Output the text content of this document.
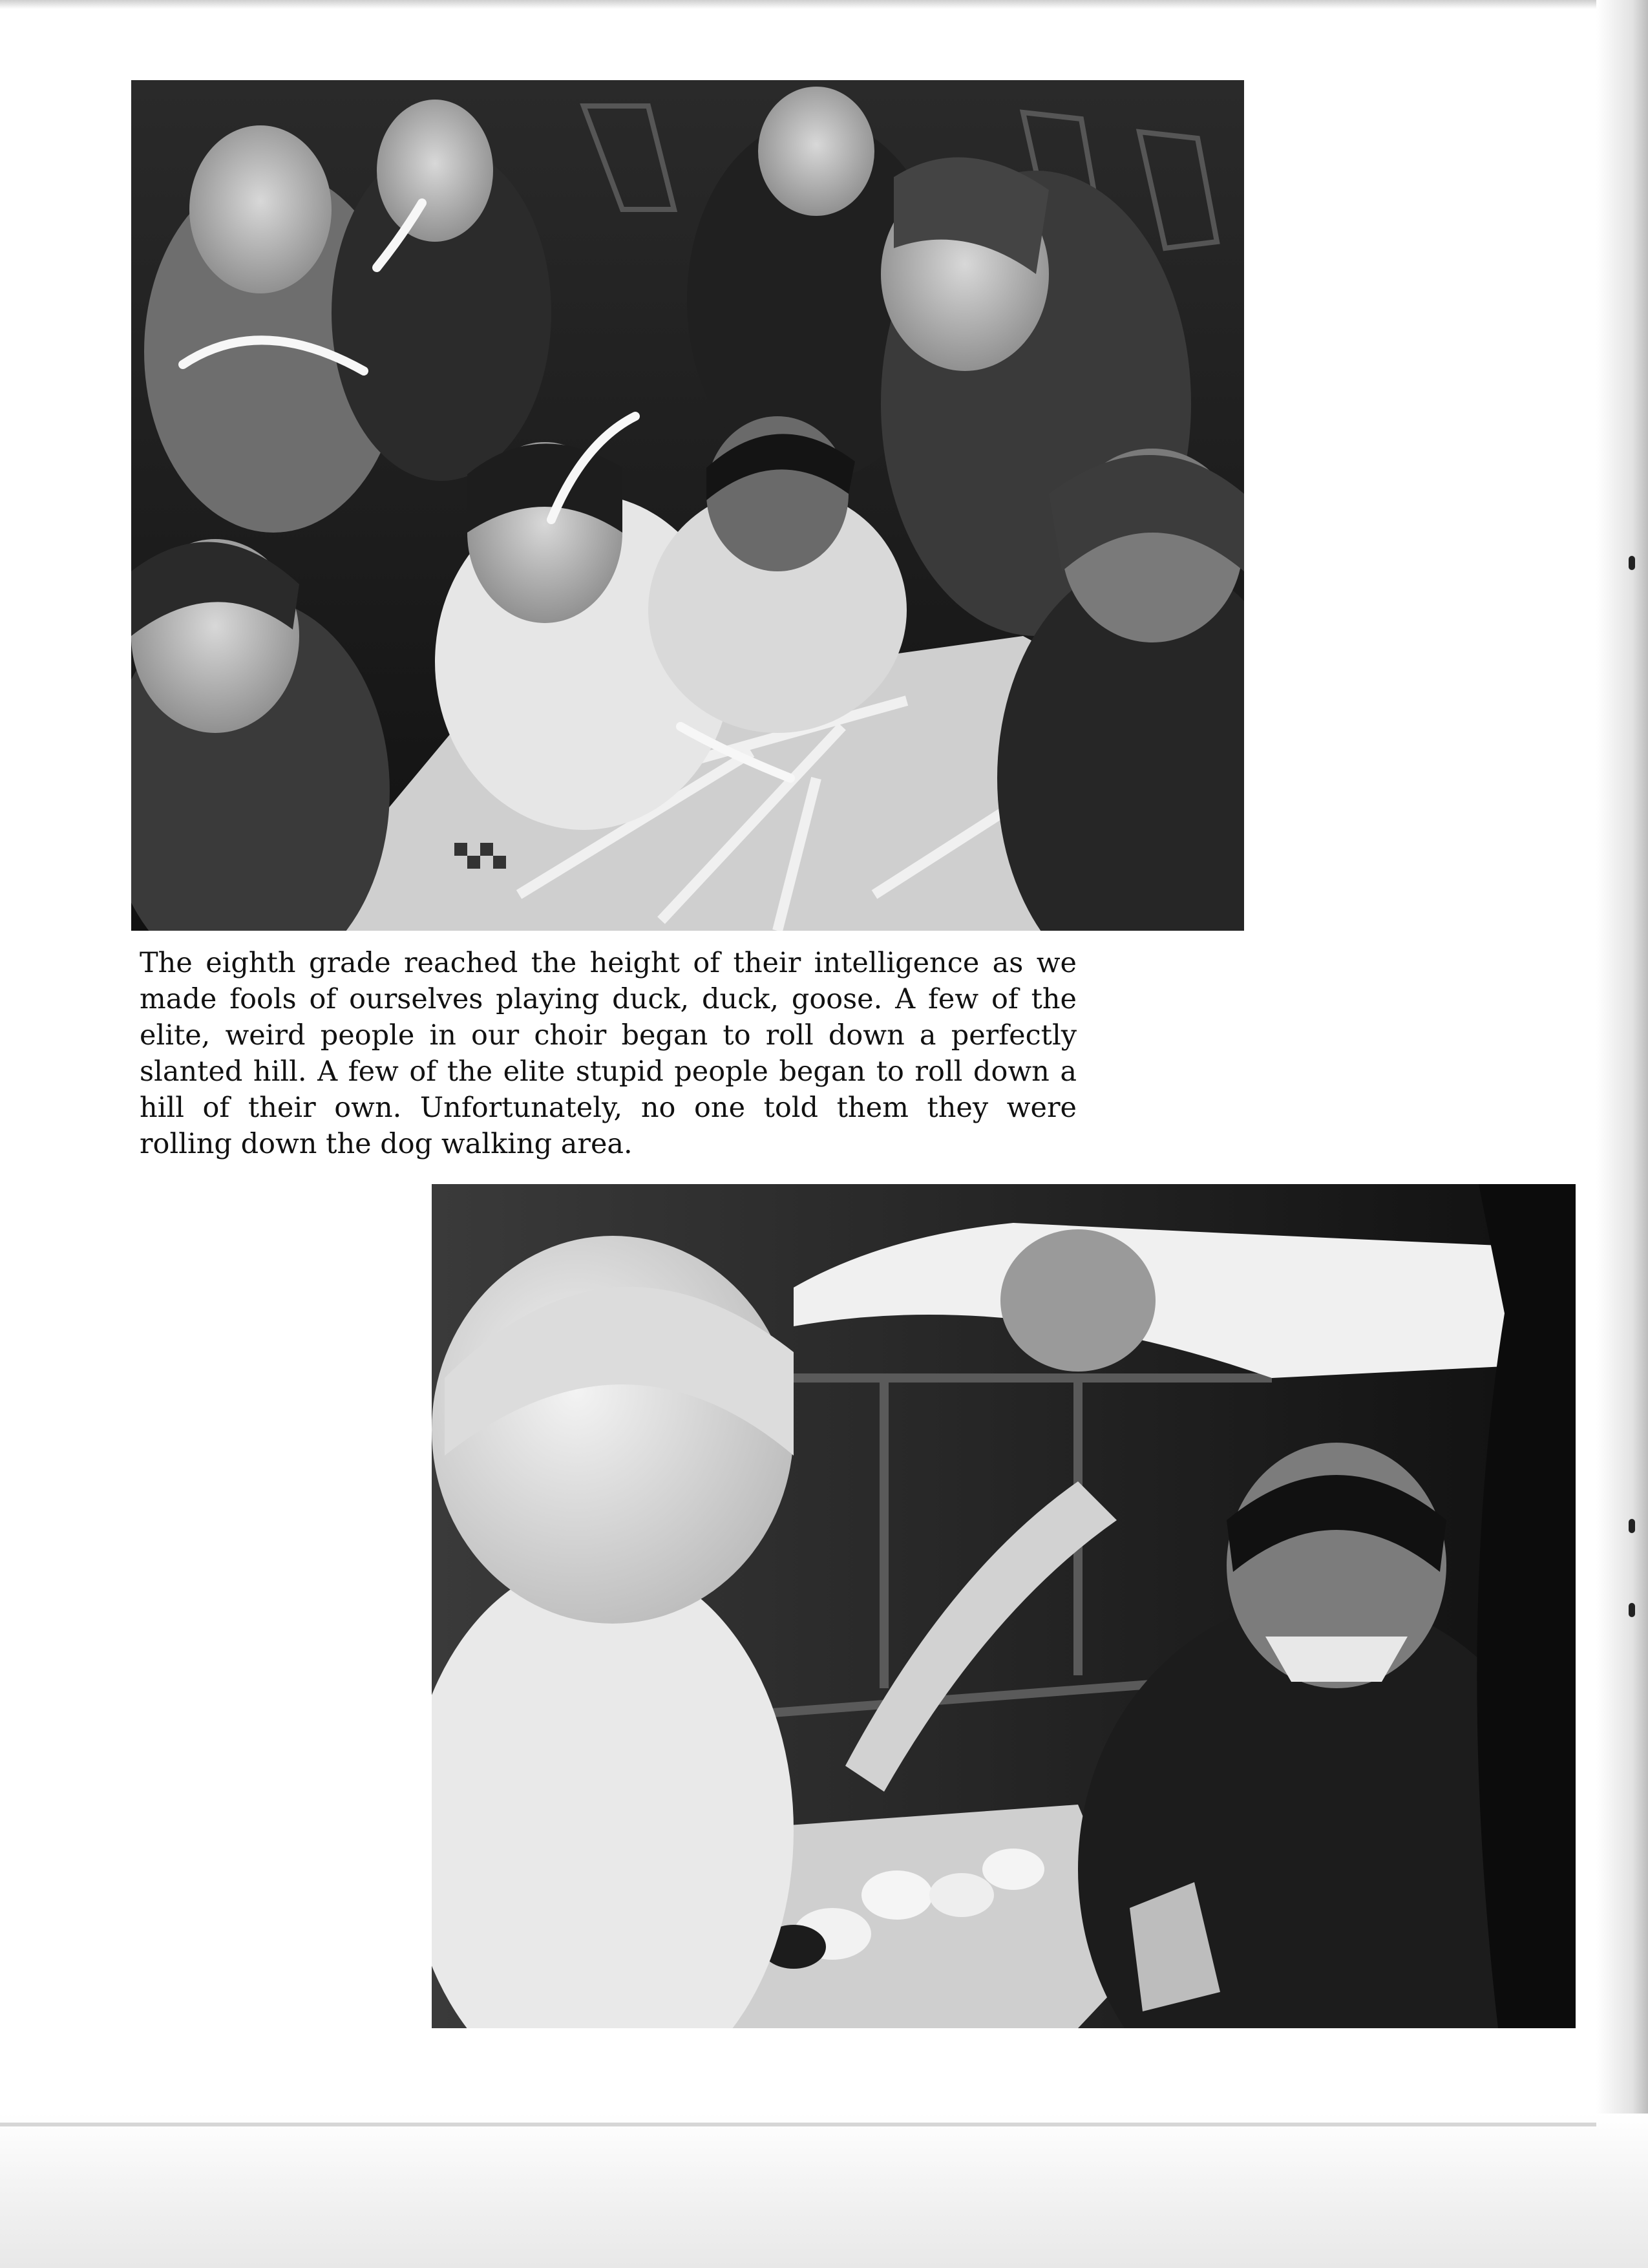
The eighth grade reached the height of their intelligence as we made fools of ourselves playing duck, duck, goose. A few of the elite, weird people in our choir began to roll down a perfectly slanted hill. A few of the elite stupid people began to roll down a hill of their own. Unfortunately, no one told them they were rolling down the dog walking area.
